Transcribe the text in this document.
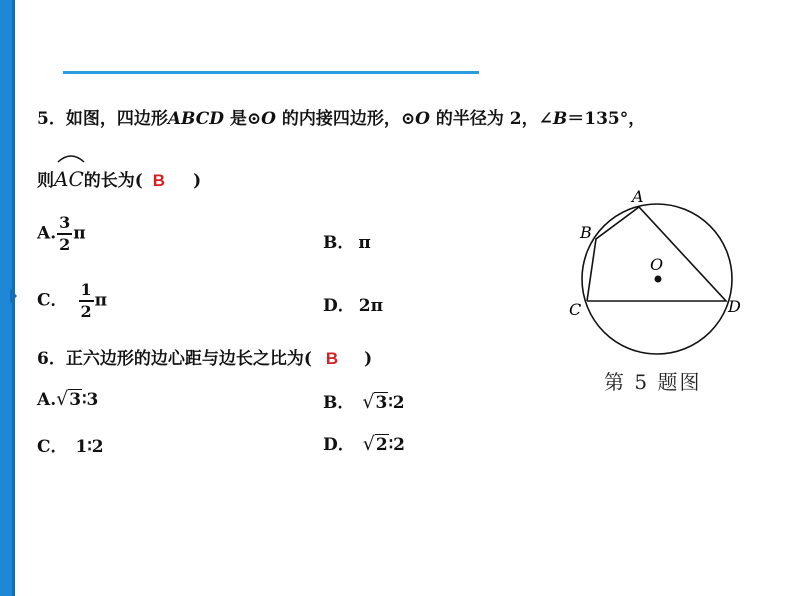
5．如图，四边形ABCD 是⊙O 的内接四边形，⊙O 的半径为 2，∠B＝135°，
则
AC的长为( B )
A. $\frac{3}{2}$ π	B． π
C． $\frac{1}{2}$ π	D． 2π
6．正六边形的边心距与边长之比为( B )
A.√3∶3	B． √3∶2
C． 1∶2	D． √2∶2
A
B
C	D
O
第 5 题图
